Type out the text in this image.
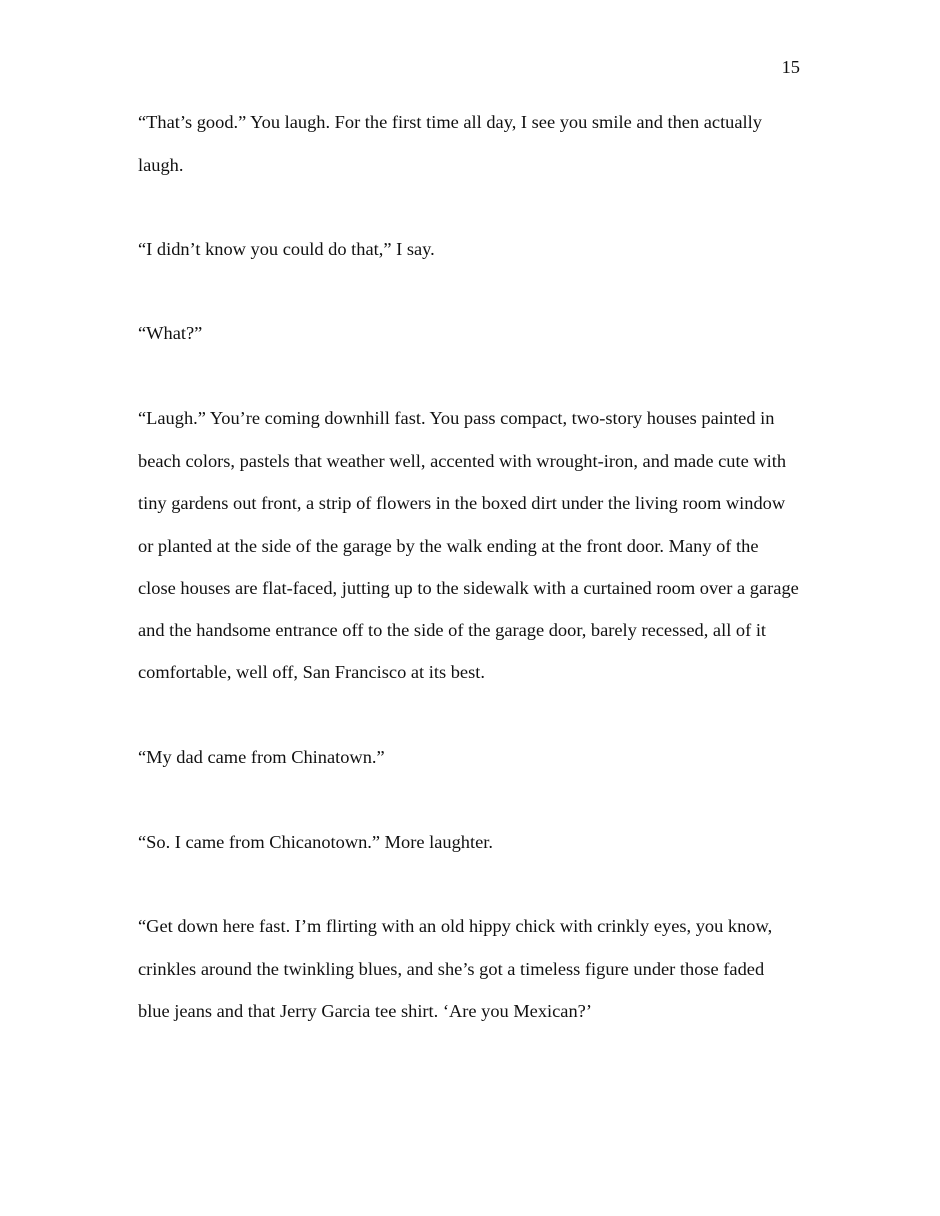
15
“That’s good.” You laugh. For the first time all day, I see you smile and then actually
laugh.
“I didn’t know you could do that,” I say.
“What?”
“Laugh.” You’re coming downhill fast. You pass compact, two-story houses painted in
beach colors, pastels that weather well, accented with wrought-iron, and made cute with
tiny gardens out front, a strip of flowers in the boxed dirt under the living room window
or planted at the side of the garage by the walk ending at the front door. Many of the
close houses are flat-faced, jutting up to the sidewalk with a curtained room over a garage
and the handsome entrance off to the side of the garage door, barely recessed, all of it
comfortable, well off, San Francisco at its best.
“My dad came from Chinatown.”
“So. I came from Chicanotown.” More laughter.
“Get down here fast. I’m flirting with an old hippy chick with crinkly eyes, you know,
crinkles around the twinkling blues, and she’s got a timeless figure under those faded
blue jeans and that Jerry Garcia tee shirt. ‘Are you Mexican?’
